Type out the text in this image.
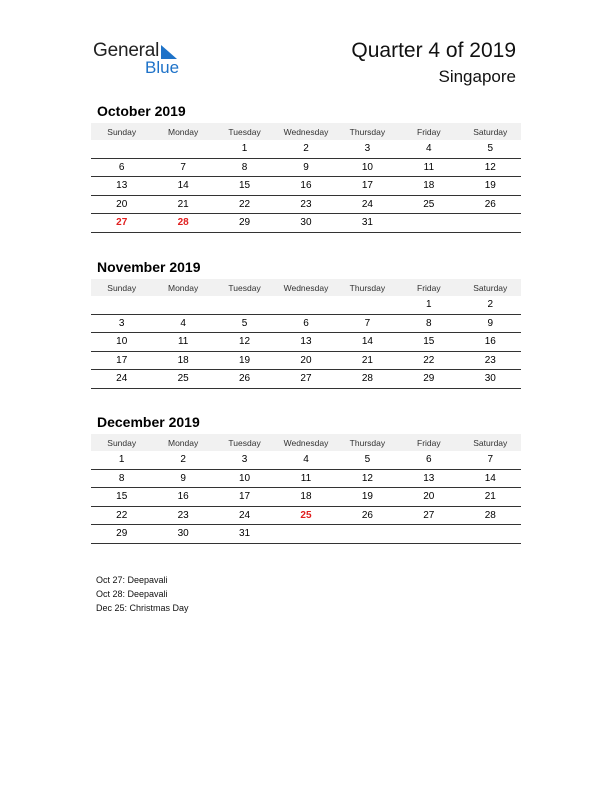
General
Blue
Quarter 4 of 2019
Singapore
October 2019
Sunday	Monday	Tuesday	Wednesday	Thursday	Friday	Saturday
		1	2	3	4	5
6	7	8	9	10	11	12
13	14	15	16	17	18	19
20	21	22	23	24	25	26
27	28	29	30	31		
November 2019
Sunday	Monday	Tuesday	Wednesday	Thursday	Friday	Saturday
					1	2
3	4	5	6	7	8	9
10	11	12	13	14	15	16
17	18	19	20	21	22	23
24	25	26	27	28	29	30
December 2019
Sunday	Monday	Tuesday	Wednesday	Thursday	Friday	Saturday
1	2	3	4	5	6	7
8	9	10	11	12	13	14
15	16	17	18	19	20	21
22	23	24	25	26	27	28
29	30	31				
Oct 27: Deepavali
Oct 28: Deepavali
Dec 25: Christmas Day
